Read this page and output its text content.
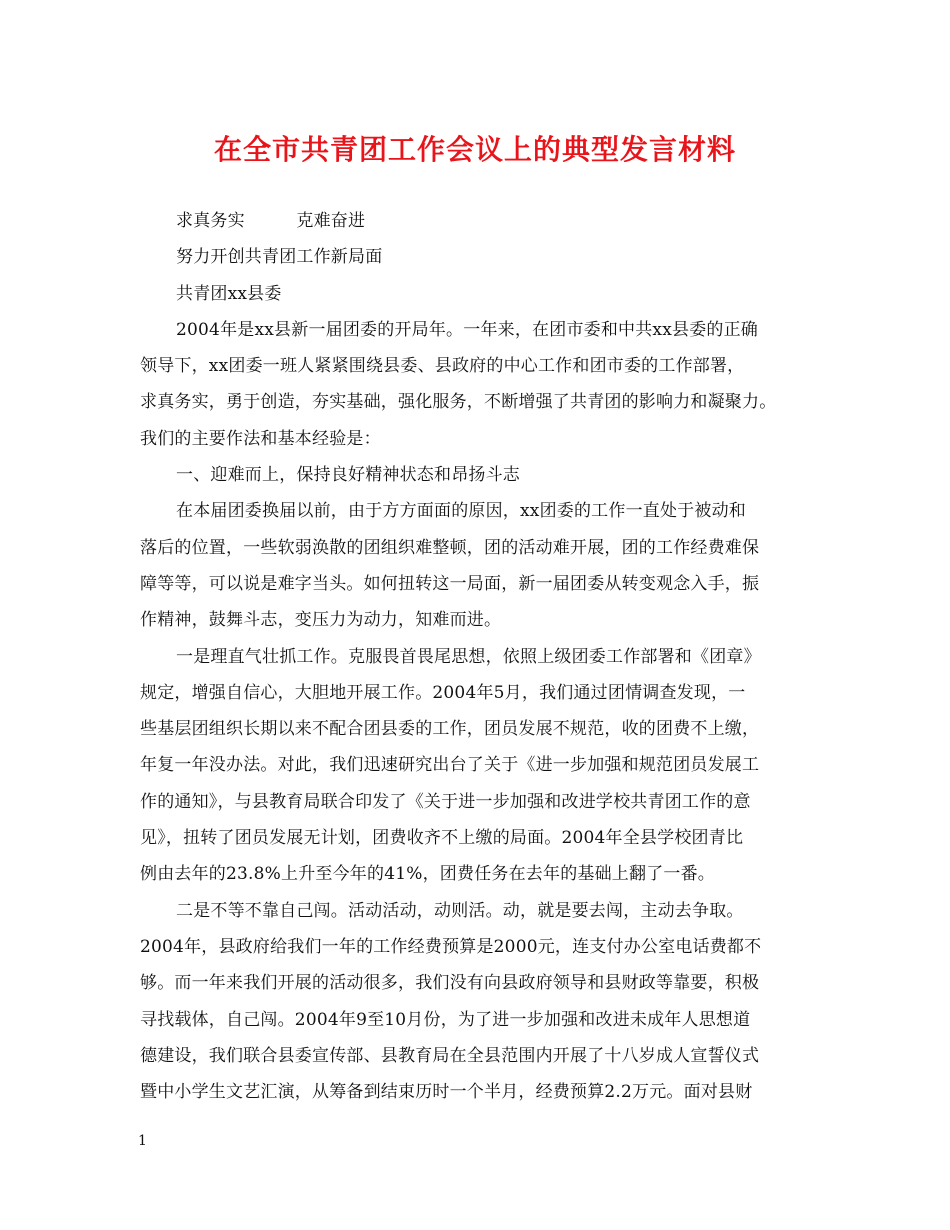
在全市共青团工作会议上的典型发言材料
求真务实　　　克难奋进
努力开创共青团工作新局面
共青团xx县委
2004年是xx县新一届团委的开局年。一年来，在团市委和中共xx县委的正确
领导下，xx团委一班人紧紧围绕县委、县政府的中心工作和团市委的工作部署，
求真务实，勇于创造，夯实基础，强化服务，不断增强了共青团的影响力和凝聚力。
我们的主要作法和基本经验是：
一、迎难而上，保持良好精神状态和昂扬斗志
在本届团委换届以前，由于方方面面的原因，xx团委的工作一直处于被动和
落后的位置，一些软弱涣散的团组织难整顿，团的活动难开展，团的工作经费难保
障等等，可以说是难字当头。如何扭转这一局面，新一届团委从转变观念入手，振
作精神，鼓舞斗志，变压力为动力，知难而进。
一是理直气壮抓工作。克服畏首畏尾思想，依照上级团委工作部署和《团章》
规定，增强自信心，大胆地开展工作。2004年5月，我们通过团情调查发现，一
些基层团组织长期以来不配合团县委的工作，团员发展不规范，收的团费不上缴，
年复一年没办法。对此，我们迅速研究出台了关于《进一步加强和规范团员发展工
作的通知》，与县教育局联合印发了《关于进一步加强和改进学校共青团工作的意
见》，扭转了团员发展无计划，团费收齐不上缴的局面。2004年全县学校团青比
例由去年的23.8%上升至今年的41%，团费任务在去年的基础上翻了一番。
二是不等不靠自己闯。活动活动，动则活。动，就是要去闯，主动去争取。
2004年，县政府给我们一年的工作经费预算是2000元，连支付办公室电话费都不
够。而一年来我们开展的活动很多，我们没有向县政府领导和县财政等靠要，积极
寻找载体，自己闯。2004年9至10月份，为了进一步加强和改进未成年人思想道
德建设，我们联合县委宣传部、县教育局在全县范围内开展了十八岁成人宣誓仪式
暨中小学生文艺汇演，从筹备到结束历时一个半月，经费预算2.2万元。面对县财
1
